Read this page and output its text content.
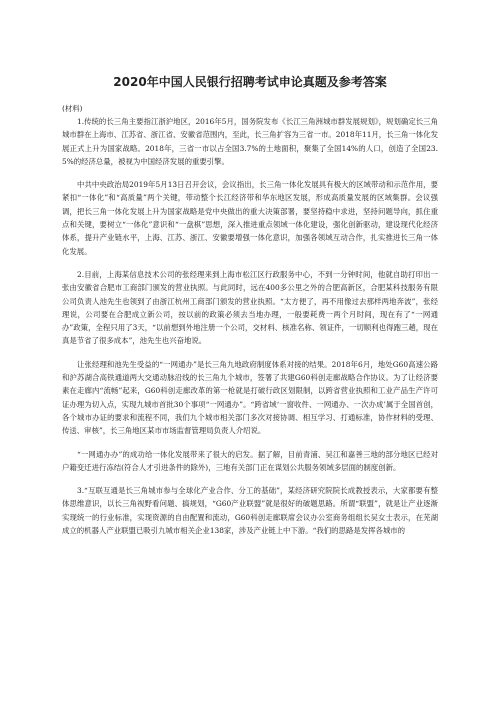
2020年中国人民银行招聘考试申论真题及参考答案
(材料)

1.传统的长三角主要指江浙沪地区，2016年5月，国务院发布《长江三角洲城市群发展规划》，规划确定长三角城市群在上海市、江苏省、浙江省、安徽省范围内，至此，长三角扩容为三省一市。2018年11月，长三角一体化发展正式上升为国家战略。2018年，三省一市以占全国3.7%的土地面积，聚集了全国14%的人口，创造了全国23.5%的经济总量，被视为中国经济发展的重要引擎。

中共中央政治局2019年5月13日召开会议，会议指出，长三角一体化发展具有极大的区域带动和示范作用，要紧扣“一体化”和“高质量”两个关键，带动整个长江经济带和华东地区发展，形成高质量发展的区域集群。会议强调，把长三角一体化发展上升为国家战略是党中央做出的重大决策部署，要坚持稳中求进，坚持问题导向，抓住重点和关键，要树立“一体化”意识和“一盘棋”思想，深入推进重点领域一体化建设，强化创新驱动，建设现代化经济体系，提升产业链水平，上海、江苏、浙江、安徽要增强一体化意识，加强各领域互动合作，扎实推进长三角一体化发展。

2.目前，上海某信息技术公司的张经理来到上海市松江区行政服务中心，不到一分钟时间，他就自助打印出一张由安徽省合肥市工商部门颁发的营业执照。与此同时，远在400多公里之外的合肥高新区，合肥某科技服务有限公司负责人池先生也领到了由浙江杭州工商部门颁发的营业执照。“太方便了，再不用像过去那样两地奔波”，张经理说，公司要在合肥成立新公司，按以前的政策必须去当地办理，一般要耗费一两个月时间，现在有了“一网通办”政策，全程只用了3天，“以前想到外地注册一个公司，交材料、核准名称、领证件，一切顺利也得跑三趟，现在真是节省了很多成本”，池先生也兴奋地说。

让张经理和池先生受益的“一网通办”是长三角九地政府制度体系对接的结果。2018年6月，地处G60高速公路和沪苏湖合高铁通道两大交通动脉沿线的长三角九个城市，签署了共建G60科创走廊战略合作协议。为了让经济要素在走廊内“流畅”起来，G60科创走廊改革的第一枪就是打破行政区划限制，以跨省营业执照和工业产品生产许可证办理为切入点，实现九城市首批30个事项“一网通办”。“跨省域‘一窗收件、一网通办、一次办成’属于全国首创，各个城市办证的要求和流程不同，我们九个城市相关部门多次对接协调、相互学习、打通标准，协作材料的受理、传送、审核”，长三角地区某市市场监督管理局负责人介绍说。

“一网通办办”的成功给一体化发展带来了很大的启发。据了解，目前青浦、吴江和嘉善三地的部分地区已经对户籍变迁进行冻结(符合人才引进条件的除外)，三地有关部门正在谋划公共服务领域多层面的制度创新。

3.“互联互通是长三角城市参与全球化产业合作、分工的基础”，某经济研究院院长成教授表示，大家都要有整体思维意识，以长三角视野看问题、搞规划，“G60产业联盟”就是很好的破题思路。所谓“联盟”，就是让产业逐渐实现统一的行业标准，实现资源的自由配置和流动，G60科创走廊联席会议办公室商务组组长吴女士表示，在芜湖成立的机器人产业联盟已吸引九城市相关企业138家，涉及产业链上中下游。“我们的思路是发挥各城市的
